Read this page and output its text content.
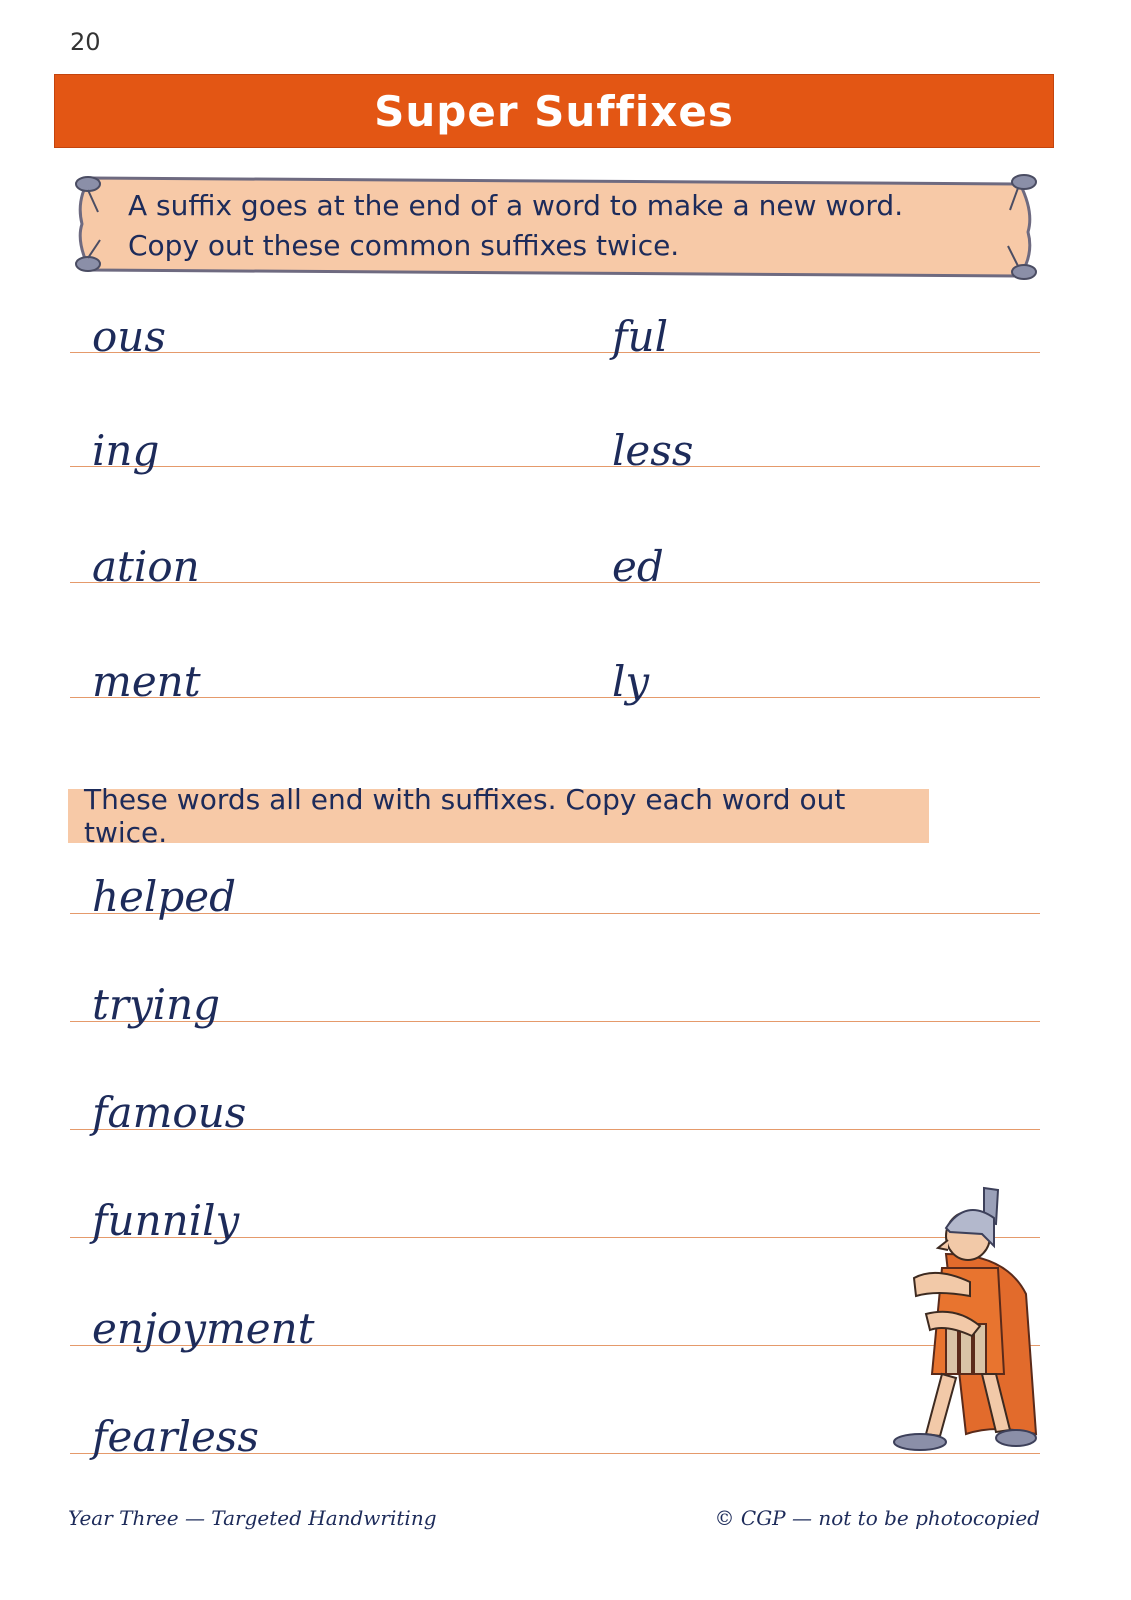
20
Super Suffixes
A suffix goes at the end of a word to make a new word.
Copy out these common suffixes twice.
ous
ing
ation
ment
ful
less
ed
ly
These words all end with suffixes. Copy each word out twice.
helped
trying
famous
funnily
enjoyment
fearless
Year Three — Targeted Handwriting	© CGP — not to be photocopied
